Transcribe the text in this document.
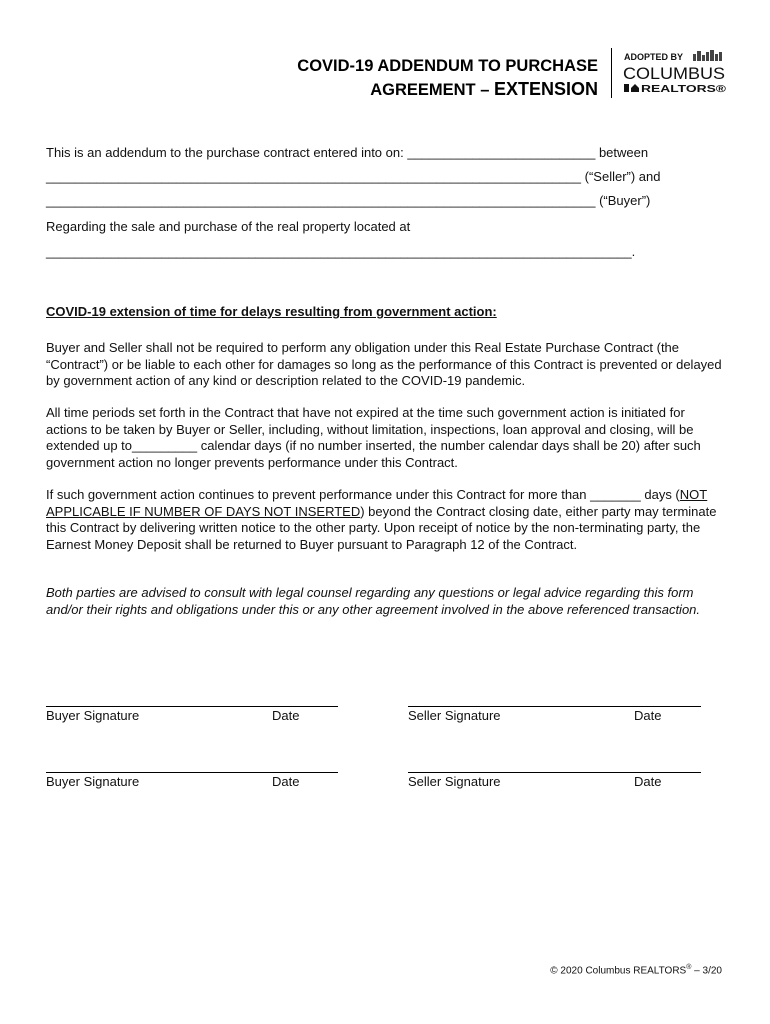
COVID-19 ADDENDUM TO PURCHASE
AGREEMENT – EXTENSION
ADOPTED BY
COLUMBUS
REALTORS®
This is an addendum to the purchase contract entered into on: __________________________ between
__________________________________________________________________________ (“Seller”) and
____________________________________________________________________________ (“Buyer”)
Regarding the sale and purchase of the real property located at
_________________________________________________________________________________.
COVID-19 extension of time for delays resulting from government action:
Buyer and Seller shall not be required to perform any obligation under this Real Estate Purchase Contract (the “Contract”) or be liable to each other for damages so long as the performance of this Contract is prevented or delayed by government action of any kind or description related to the COVID-19 pandemic.
All time periods set forth in the Contract that have not expired at the time such government action is initiated for actions to be taken by Buyer or Seller, including, without limitation, inspections, loan approval and closing, will be extended up to_________ calendar days (if no number inserted, the number calendar days shall be 20) after such government action no longer prevents performance under this Contract.
If such government action continues to prevent performance under this Contract for more than _______ days (NOT APPLICABLE IF NUMBER OF DAYS NOT INSERTED) beyond the Contract closing date, either party may terminate this Contract by delivering written notice to the other party. Upon receipt of notice by the non-terminating party, the Earnest Money Deposit shall be returned to Buyer pursuant to Paragraph 12 of the Contract.
Both parties are advised to consult with legal counsel regarding any questions or legal advice regarding this form and/or their rights and obligations under this or any other agreement involved in the above referenced transaction.
Buyer Signature	Date	Seller Signature	Date
Buyer Signature	Date	Seller Signature	Date
© 2020 Columbus REALTORS® – 3/20
